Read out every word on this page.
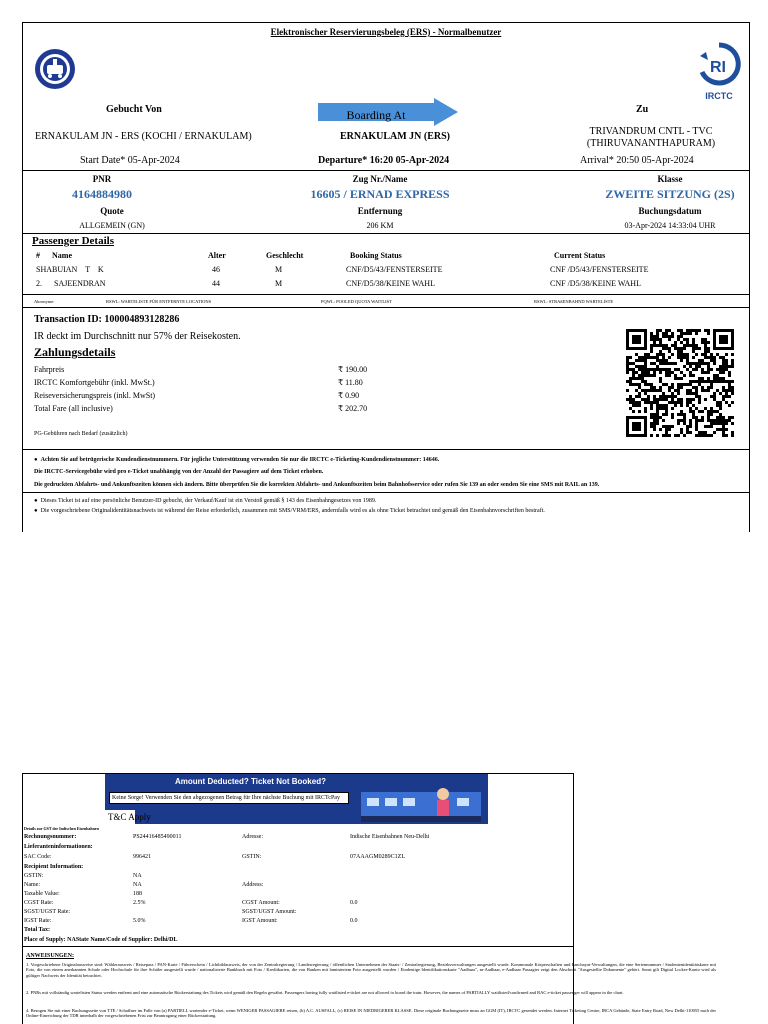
Elektronischer Reservierungsbeleg (ERS) - Normalbenutzer
RI
IRCTC
Gebucht Von	Boarding At	Zu
ERNAKULAM JN - ERS (KOCHI / ERNAKULAM)	ERNAKULAM JN (ERS)	TRIVANDRUM CNTL - TVC (THIRUVANANTHAPURAM)
Start Date* 05-Apr-2024	Departure* 16:20 05-Apr-2024	Arrival* 20:50 05-Apr-2024
PNR	Zug Nr./Name	Klasse
4164884980	16605 / ERNAD EXPRESS	ZWEITE SITZUNG (2S)
Quote	Entfernung	Buchungsdatum
ALLGEMEIN (GN)	206 KM	03-Apr-2024 14:33:04 UHR
Passenger Details
# Name	Alter	Geschlecht	Booking Status	Current Status
SHABUIAN T K	46	M	CNF/D5/43/FENSTERSEITE	CNF /D5/43/FENSTERSEITE
2. SAJEENDRAN	44	M	CNF/D5/38/KEINE WAHL	CNF /D5/38/KEINE WAHL
Akronyme:	RSWL: WARTELISTE FÜR ENTFERNTE LOCATIONS	PQWL: POOLED QUOTA WAITLIST	RSWL: STRAßENBAHND WARTELISTE
Transaction ID: 100004893128286
IR deckt im Durchschnitt nur 57% der Reisekosten.
Zahlungsdetails
Fahrpreis	₹ 190.00
IRCTC Komfortgebühr (inkl. MwSt.)	₹ 11.80
Reiseversicherungspreis (inkl. MwSt)	₹ 0.90
Total Fare (all inclusive)	₹ 202.70
PG-Gebühren nach Bedarf (zusätzlich)
●  Achten Sie auf betrügerische Kundendienstnummern. Für jegliche Unterstützung verwenden Sie nur die IRCTC e-Ticketing-Kundendienstnummer: 14646.
Die IRCTC-Servicegebühr wird pro e-Ticket unabhängig von der Anzahl der Passagiere auf dem Ticket erhoben.
Die gedruckten Abfahrts- und Ankunftszeiten können sich ändern. Bitte überprüfen Sie die korrekten Abfahrts- und Ankunftszeiten beim Bahnhofsservice oder rufen Sie 139 an oder senden Sie eine SMS mit RAIL an 139.
●  Dieses Ticket ist auf eine persönliche Benutzer-ID gebucht, der Verkauf/Kauf ist ein Verstoß gemäß § 143 des Eisenbahngesetzes von 1989.
●  Die vorgeschriebene Originalidentitätsnachweis ist während der Reise erforderlich, zusammen mit SMS/VRM/ERS, andernfalls wird es als ohne Ticket betrachtet und gemäß den Eisenbahnvorschriften bestraft.
Amount Deducted? Ticket Not Booked?
Keine Sorge! Verwenden Sie den abgezogenen Betrag für Ihre nächste Buchung mit IRCTcPay
T&C Apply
Details zur GST der Indischen Eisenbahnen
Rechnungsnummer:	PS24416485490011	Adresse:	Indische Eisenbahnen Neu-Delhi
Lieferanteninformationen:
SAC Code:	996421	GSTIN:	07AAAGM0289C1ZL
Recipient Information:
GSTIN:	NA
Name:	NA	Address:
Taxable Value:	188
CGST Rate:	2.5%	CGST Amount:	0.0
SGST/UGST Rate:	SGST/UGST Amount:
IGST Rate:	5.0%	IGST Amount:	0.0
Total Tax:
Place of Supply: NAState Name/Code of Supplier: Delhi/DL
ANWEISUNGEN:
1. Vorgeschriebene Originalausweise sind: Wählerausweis / Reisepass / PAN-Karte / Führerschein / Lichtbildausweis, der von der Zentralregierung / Landesregierung / öffentlichen Unternehmen der Staats- / Zentralregierung, Bezirksverwaltungen ausgestellt wurde. Kommunale Körperschaften und Panchayat-Verwaltungen, die eine Seriennummer / Studentenidentitätskarte mit Foto, die von einem anerkannten Schule oder Hochschule für ihre Schüler ausgestellt wurde / nationalisierte Bankbuch mit Foto / Kreditkarten, die von Banken mit laminiertem Foto ausgestellt wurden / Eindeutige Identifikationskarte "Aadhaar", m-Aadhaar, e-Aadhaar Passagier zeigt den Abschnitt "Ausgestellte Dokumente" gehört. Sonst gilt Digital Locker-Konto wird als gültiger Nachweis der Identität betrachtet.
2. PNRs mit vollständig wartelisten Status werden entfernt und eine automatische Rückerstattung des Tickets wird gemäß den Regeln gewährt. Passengers having fully waitlisted e-ticket are not allowed to board the train. However, the names of PARTIALLY waitlisted/confirmed and RAC e-ticket passenger will appear in the chart.
4. Bezogen Sie mit einer Buchungsseite von TTE / Schaffner im Falle von (a) PARTIELL wartender e-Ticket, wenn WENIGER PASSAGIERE reisen, (b) A.C. AUSFALL, (c) REISE IN NIEDRIGERER KLASSE. Diese originale Buchungsseite muss an GGM (IT), IRCTC gesendet werden. Internet Ticketing Centre, IRCA Gebäude, State Entry Road, New Delhi-110055 nach der Online-Einreichung der TDR innerhalb der vorgeschriebenen Frist zur Beantragung einer Rückerstattung.
